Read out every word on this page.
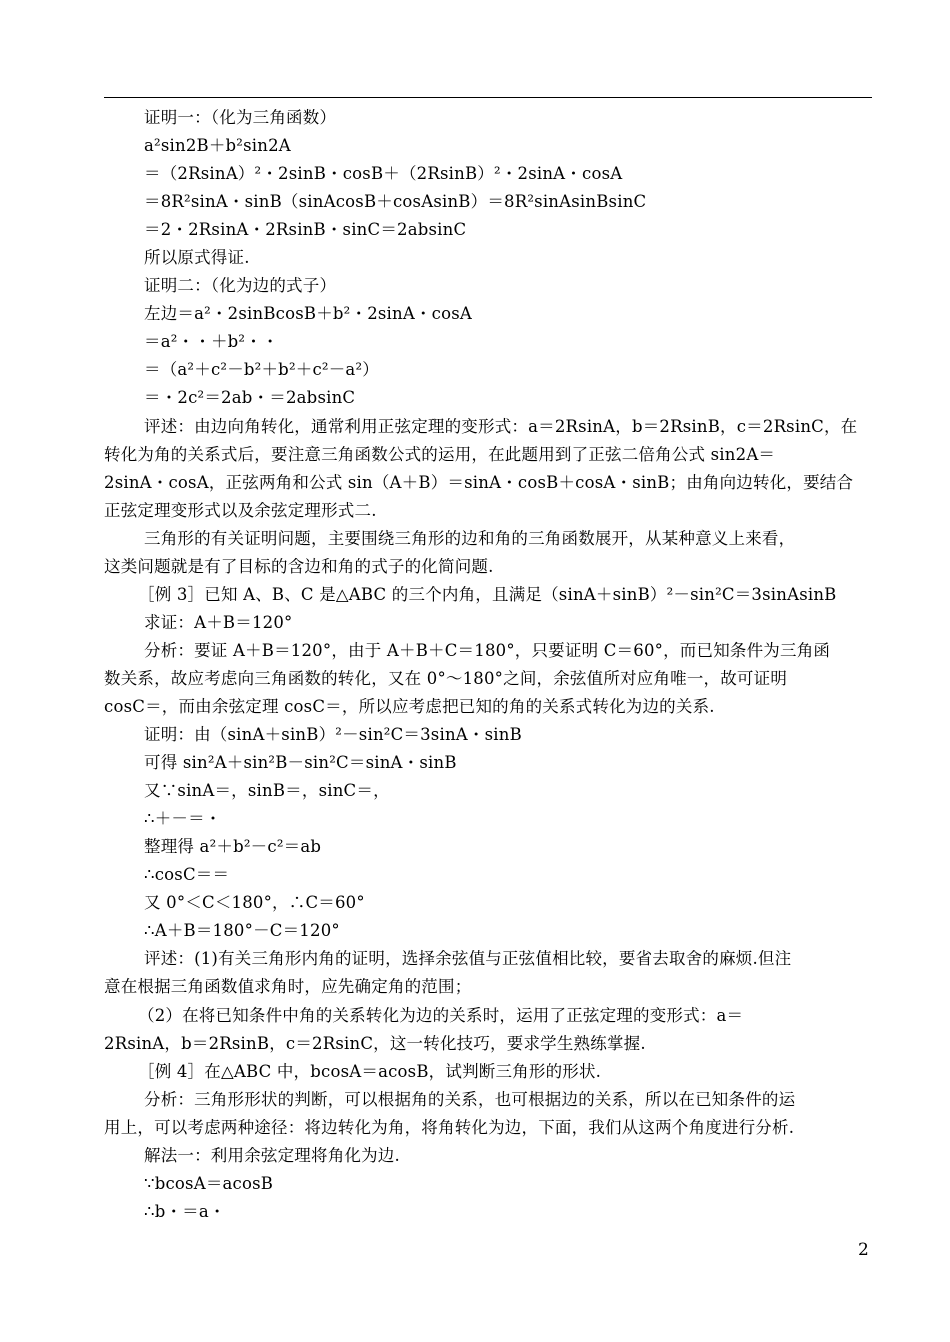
证明一：（化为三角函数）
a²sin2B＋b²sin2A
＝（2RsinA）²・2sinB・cosB＋（2RsinB）²・2sinA・cosA
＝8R²sinA・sinB（sinAcosB＋cosAsinB）＝8R²sinAsinBsinC
＝2・2RsinA・2RsinB・sinC＝2absinC
所以原式得证.
证明二：（化为边的式子）
左边＝a²・2sinBcosB＋b²・2sinA・cosA
＝a²・・＋b²・・
＝（a²＋c²－b²＋b²＋c²－a²）
＝・2c²＝2ab・＝2absinC
评述：由边向角转化，通常利用正弦定理的变形式：a＝2RsinA，b＝2RsinB，c＝2RsinC，在
转化为角的关系式后，要注意三角函数公式的运用，在此题用到了正弦二倍角公式 sin2A＝
2sinA・cosA，正弦两角和公式 sin（A＋B）＝sinA・cosB＋cosA・sinB；由角向边转化，要结合
正弦定理变形式以及余弦定理形式二.
三角形的有关证明问题，主要围绕三角形的边和角的三角函数展开，从某种意义上来看，
这类问题就是有了目标的含边和角的式子的化简问题.
［例 3］已知 A、B、C 是△ABC 的三个内角，且满足（sinA＋sinB）²－sin²C＝3sinAsinB
求证：A＋B＝120°
分析：要证 A＋B＝120°，由于 A＋B＋C＝180°，只要证明 C＝60°，而已知条件为三角函
数关系，故应考虑向三角函数的转化，又在 0°～180°之间，余弦值所对应角唯一，故可证明
cosC＝，而由余弦定理 cosC＝，所以应考虑把已知的角的关系式转化为边的关系.
证明：由（sinA＋sinB）²－sin²C＝3sinA・sinB
可得 sin²A＋sin²B－sin²C＝sinA・sinB
又∵sinA＝，sinB＝，sinC＝，
∴＋－＝・
整理得 a²＋b²－c²＝ab
∴cosC＝＝
又 0°＜C＜180°，∴C＝60°
∴A＋B＝180°－C＝120°
评述：(1)有关三角形内角的证明，选择余弦值与正弦值相比较，要省去取舍的麻烦.但注
意在根据三角函数值求角时，应先确定角的范围；
（2）在将已知条件中角的关系转化为边的关系时，运用了正弦定理的变形式：a＝
2RsinA，b＝2RsinB，c＝2RsinC，这一转化技巧，要求学生熟练掌握.
［例 4］在△ABC 中，bcosA＝acosB，试判断三角形的形状.
分析：三角形形状的判断，可以根据角的关系，也可根据边的关系，所以在已知条件的运
用上，可以考虑两种途径：将边转化为角，将角转化为边，下面，我们从这两个角度进行分析.
解法一：利用余弦定理将角化为边.
∵bcosA＝acosB
∴b・＝a・
2
